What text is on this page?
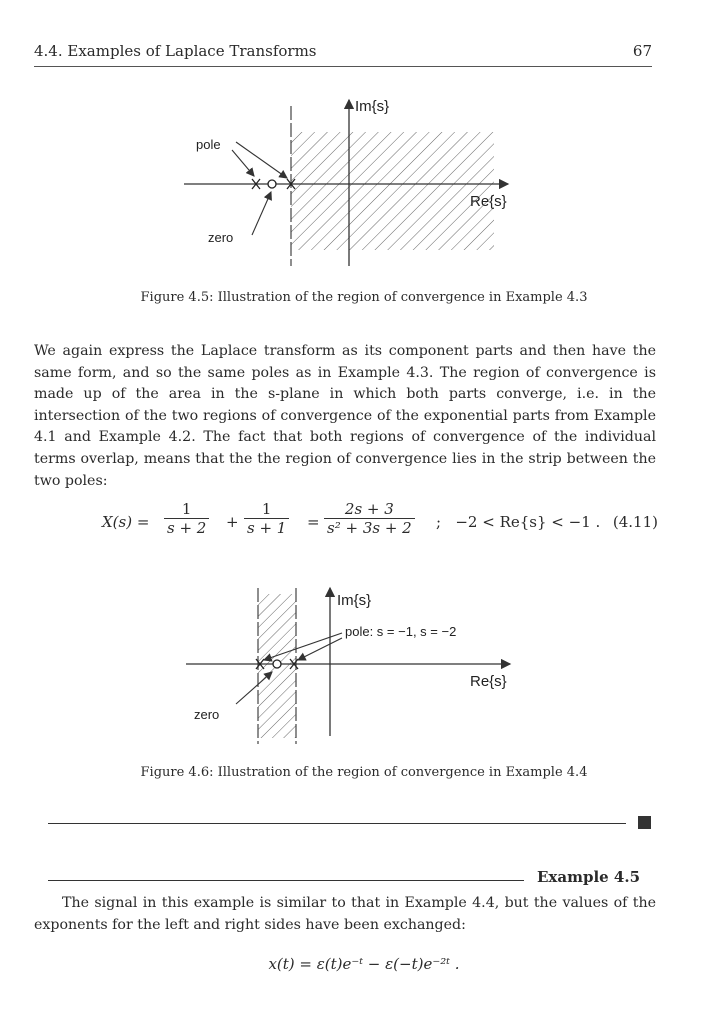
4.4. Examples of Laplace Transforms	67
Im{s}
Re{s}
pole
zero
Figure 4.5: Illustration of the region of convergence in Example 4.3
We again express the Laplace transform as its component parts and then have the same form, and so the same poles as in Example 4.3. The region of convergence is made up of the area in the s-plane in which both parts converge, i.e. in the intersection of the two regions of convergence of the exponential parts from Example 4.1 and Example 4.2. The fact that both regions of convergence of the individual terms overlap, means that the the region of convergence lies in the strip between the two poles:
$X(s) = \frac{1}{s + 2} + \frac{1}{s + 1} = \frac{2s + 3}{\text{s² + 3s + 2}}$ ;   −2 < Re{s} < −1 . (4.11)
Im{s}
Re{s}
pole: s = −1, s = −2
zero
Figure 4.6: Illustration of the region of convergence in Example 4.4
Example 4.5
The signal in this example is similar to that in Example 4.4, but the values of the exponents for the left and right sides have been exchanged:
x(t) = ε(t)e⁻ᵗ − ε(−t)e⁻²ᵗ .
